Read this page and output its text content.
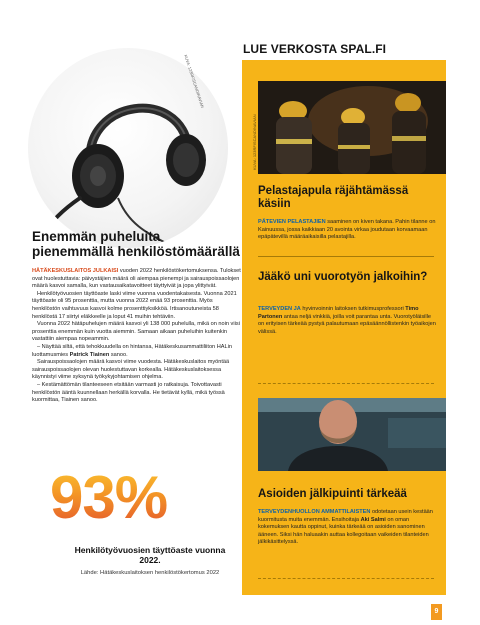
KUVA: 123RF/SCANDINAVIAN
Enemmän puheluita pienemmällä henkilöstömäärällä

HÄTÄKESKUSLAITOS JULKAISI vuoden 2022 henkilöstökertomuksensa. Tulokset ovat huolestuttavia: päivystäjien määrä oli aiempaa pienempi ja sairauspoissaolojen määrä kasvoi samalla, kun vastausaikatavoitteet täyttyivät ja jopa ylittyivät.

Henkilötyövuosien täyttöaste laski viime vuonna vuodentakaisesta. Vuonna 2021 täyttöaste oli 95 prosenttia, mutta vuonna 2022 enää 93 prosenttia. Myös henkilöstön vaihtuvuus kasvoi kolme prosenttiyksikköä. Irtisanoutuneista 58 henkilöstä 17 siirtyi eläkkeelle ja loput 41 muihin tehtäviin.

Vuonna 2022 hätäpuhelujen määrä kasvoi yli 138 000 puhelulla, mikä on noin viisi prosenttia enemmän kuin vuotta aiemmin. Samaan aikaan puheluihin kuitenkin vastattiin aiempaa nopeammin.

– Näyttää siltä, että tehokkuudella on hintansa, Hätäkeskusammattiliiton HALin luottamusmies Patrick Tiainen sanoo.

Sairauspoissaolojen määrä kasvoi viime vuodesta. Hätäkeskuslaitos myöntää sairauspoissaolojen olevan huolestuttavan korkealla. Hätäkeskuslaitoksessa käynnistyi viime syksynä työkykyjohtamisen ohjelma.

– Kestämättömän tilanteeseen etsitään varmasti jo ratkaisuja. Toivottavasti henkilöstön ääntä kuunnellaan herkällä korvalla. He tietävät kyllä, mikä työssä kuormittaa, Tiainen sanoo.

93%
Henkilötyövuosien täyttöaste vuonna 2022.
Lähde: Hätäkeskuslaitoksen henkilöstökertomus 2022
LUE VERKOSTA SPAL.FI
KUVA: 123RF/SCANDINAVIAN
Pelastajapula räjähtämässä käsiin

PÄTEVIEN PELASTAJIEN saaminen on kiven takana. Pahin tilanne on Kainuussa, jossa kaikkiaan 20 avointa virkaa joudutaan korvaamaan epäpätevillä määräaikaisilla pelastajilla.

Jääkö uni vuorotyön jalkoihin?

TERVEYDEN JA hyvinvoinnin laitoksen tutkimusprofessori Timo Partonen antaa neljä vinkkiä, joilla voit parantaa unta. Vuorotyöläisille on erityisen tärkeää pystyä palautumaan epäsäännöllistenkin työaikojen välissä.

Asioiden jälkipuinti tärkeää

TERVEYDENHUOLLON AMMATTILAISTEN odotetaan usein kestään kuormitusta muita enemmän. Ensihoitaja Aki Salmi on oman kokemuksen kautta oppinut, kuinka tärkeää on asioiden sanominen ääneen. Siksi hän haluaakin auttaa kollegoitaan vaikeiden tilanteiden jälkikäsittelyssä.

9
